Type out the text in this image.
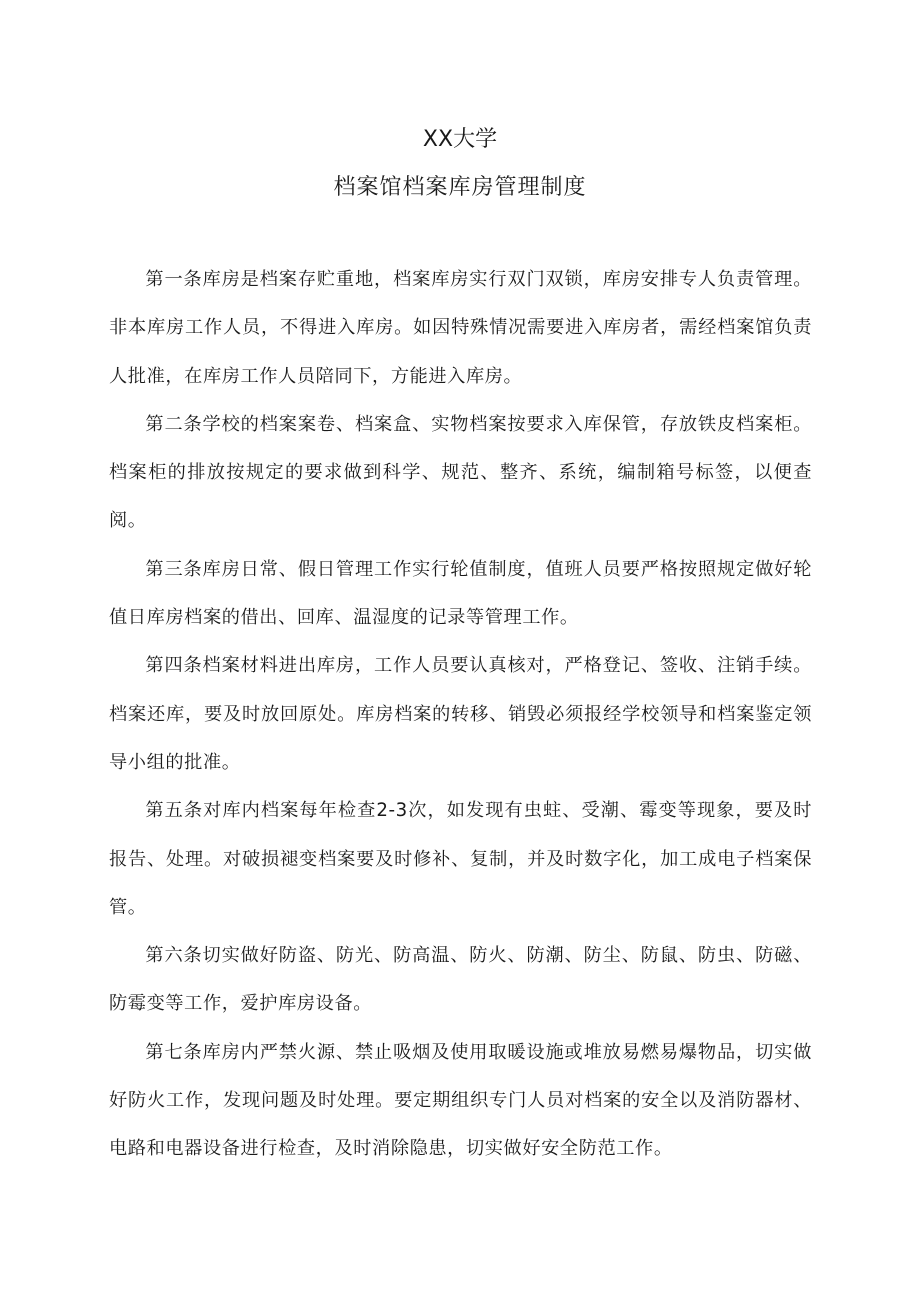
XX大学
档案馆档案库房管理制度

第一条库房是档案存贮重地，档案库房实行双门双锁，库房安排专人负责管理。非本库房工作人员，不得进入库房。如因特殊情况需要进入库房者，需经档案馆负责人批准，在库房工作人员陪同下，方能进入库房。

第二条学校的档案案卷、档案盒、实物档案按要求入库保管，存放铁皮档案柜。档案柜的排放按规定的要求做到科学、规范、整齐、系统，编制箱号标签，以便查阅。

第三条库房日常、假日管理工作实行轮值制度，值班人员要严格按照规定做好轮值日库房档案的借出、回库、温湿度的记录等管理工作。

第四条档案材料进出库房，工作人员要认真核对，严格登记、签收、注销手续。档案还库，要及时放回原处。库房档案的转移、销毁必须报经学校领导和档案鉴定领导小组的批准。

第五条对库内档案每年检查2-3次，如发现有虫蛀、受潮、霉变等现象，要及时报告、处理。对破损褪变档案要及时修补、复制，并及时数字化，加工成电子档案保管。

第六条切实做好防盗、防光、防高温、防火、防潮、防尘、防鼠、防虫、防磁、防霉变等工作，爱护库房设备。

第七条库房内严禁火源、禁止吸烟及使用取暖设施或堆放易燃易爆物品，切实做好防火工作，发现问题及时处理。要定期组织专门人员对档案的安全以及消防器材、电路和电器设备进行检查，及时消除隐患，切实做好安全防范工作。
